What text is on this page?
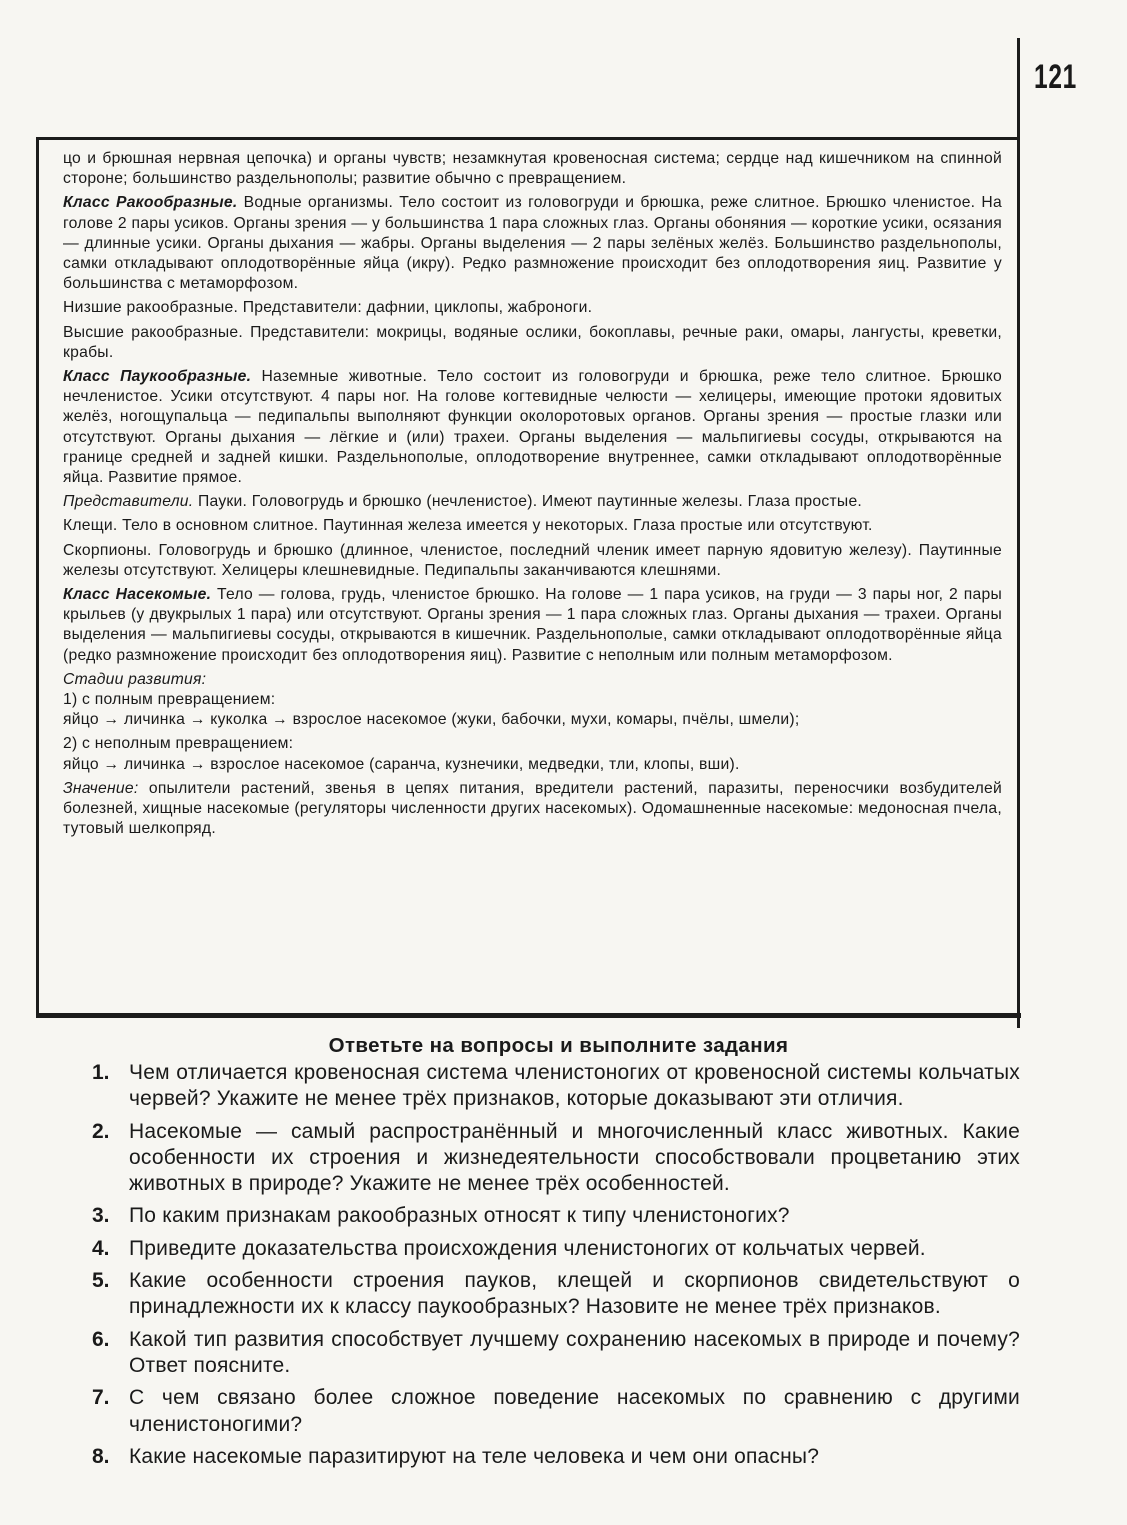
121

цо и брюшная нервная цепочка) и органы чувств; незамкнутая кровеносная система; сердце над кишечником на спинной стороне; большинство раздельнополы; развитие обычно с превращением.

Класс Ракообразные. Водные организмы. Тело состоит из головогруди и брюшка, реже слитное. Брюшко членистое. На голове 2 пары усиков. Органы зрения — у большинства 1 пара сложных глаз. Органы обоняния — короткие усики, осязания — длинные усики. Органы дыхания — жабры. Органы выделения — 2 пары зелёных желёз. Большинство раздельнополы, самки откладывают оплодотворённые яйца (икру). Редко размножение происходит без оплодотворения яиц. Развитие у большинства с метаморфозом.

Низшие ракообразные. Представители: дафнии, циклопы, жаброноги.

Высшие ракообразные. Представители: мокрицы, водяные ослики, бокоплавы, речные раки, омары, лангусты, креветки, крабы.

Класс Паукообразные. Наземные животные. Тело состоит из головогруди и брюшка, реже тело слитное. Брюшко нечленистое. Усики отсутствуют. 4 пары ног. На голове когтевидные челюсти — хелицеры, имеющие протоки ядовитых желёз, ногощупальца — педипальпы выполняют функции околоротовых органов. Органы зрения — простые глазки или отсутствуют. Органы дыхания — лёгкие и (или) трахеи. Органы выделения — мальпигиевы сосуды, открываются на границе средней и задней кишки. Раздельнополые, оплодотворение внутреннее, самки откладывают оплодотворённые яйца. Развитие прямое.

Представители. Пауки. Головогрудь и брюшко (нечленистое). Имеют паутинные железы. Глаза простые.

Клещи. Тело в основном слитное. Паутинная железа имеется у некоторых. Глаза простые или отсутствуют.

Скорпионы. Головогрудь и брюшко (длинное, членистое, последний членик имеет парную ядовитую железу). Паутинные железы отсутствуют. Хелицеры клешневидные. Педипальпы заканчиваются клешнями.

Класс Насекомые. Тело — голова, грудь, членистое брюшко. На голове — 1 пара усиков, на груди — 3 пары ног, 2 пары крыльев (у двукрылых 1 пара) или отсутствуют. Органы зрения — 1 пара сложных глаз. Органы дыхания — трахеи. Органы выделения — мальпигиевы сосуды, открываются в кишечник. Раздельнополые, самки откладывают оплодотворённые яйца (редко размножение происходит без оплодотворения яиц). Развитие с неполным или полным метаморфозом.

Стадии развития:

1) с полным превращением:

яйцо → личинка → куколка → взрослое насекомое (жуки, бабочки, мухи, комары, пчёлы, шмели);

2) с неполным превращением:

яйцо → личинка → взрослое насекомое (саранча, кузнечики, медведки, тли, клопы, вши).

Значение: опылители растений, звенья в цепях питания, вредители растений, паразиты, переносчики возбудителей болезней, хищные насекомые (регуляторы численности других насекомых). Одомашненные насекомые: медоносная пчела, тутовый шелкопряд.

Ответьте на вопросы и выполните задания
1. Чем отличается кровеносная система членистоногих от кровеносной системы кольчатых червей? Укажите не менее трёх признаков, которые доказывают эти отличия.
2. Насекомые — самый распространённый и многочисленный класс животных. Какие особенности их строения и жизнедеятельности способствовали процветанию этих животных в природе? Укажите не менее трёх особенностей.
3. По каким признакам ракообразных относят к типу членистоногих?
4. Приведите доказательства происхождения членистоногих от кольчатых червей.
5. Какие особенности строения пауков, клещей и скорпионов свидетельствуют о принадлежности их к классу паукообразных? Назовите не менее трёх признаков.
6. Какой тип развития способствует лучшему сохранению насекомых в природе и почему? Ответ поясните.
7. С чем связано более сложное поведение насекомых по сравнению с другими членистоногими?
8. Какие насекомые паразитируют на теле человека и чем они опасны?
